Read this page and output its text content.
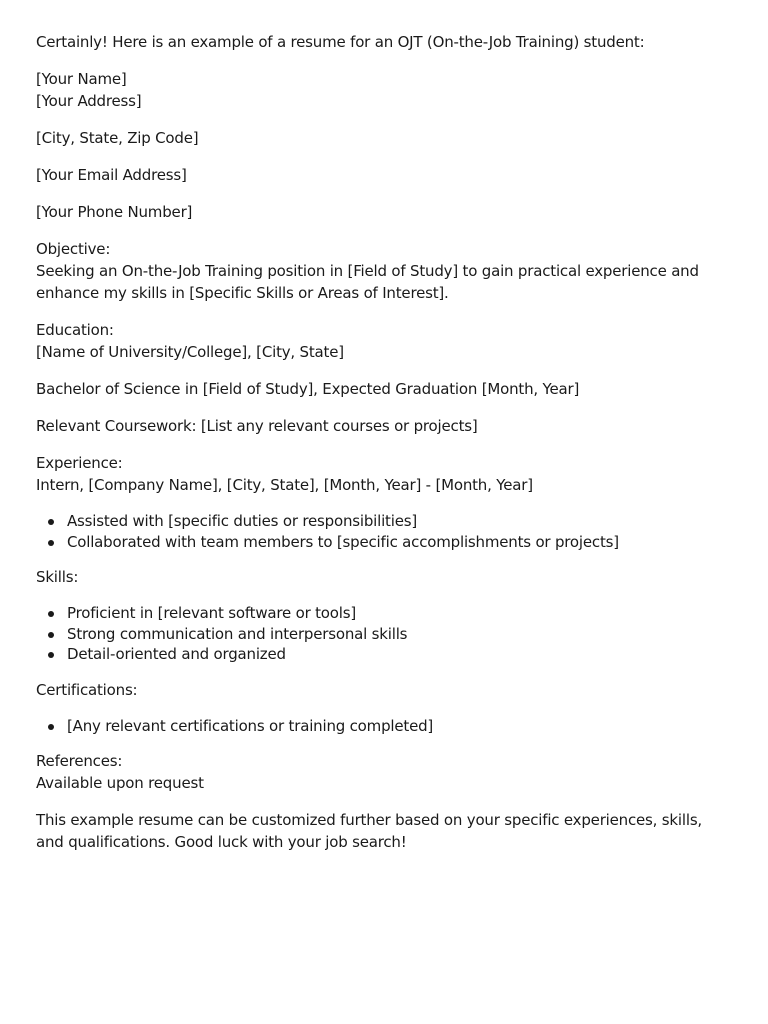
Certainly! Here is an example of a resume for an OJT (On-the-Job Training) student:

[Your Name]
[Your Address]

[City, State, Zip Code]

[Your Email Address]

[Your Phone Number]

Objective:
Seeking an On-the-Job Training position in [Field of Study] to gain practical experience and enhance my skills in [Specific Skills or Areas of Interest].

Education:
[Name of University/College], [City, State]

Bachelor of Science in [Field of Study], Expected Graduation [Month, Year]

Relevant Coursework: [List any relevant courses or projects]

Experience:
Intern, [Company Name], [City, State], [Month, Year] - [Month, Year]

Assisted with [specific duties or responsibilities]
Collaborated with team members to [specific accomplishments or projects]

Skills:

Proficient in [relevant software or tools]
Strong communication and interpersonal skills
Detail-oriented and organized

Certifications:

[Any relevant certifications or training completed]

References:
Available upon request

This example resume can be customized further based on your specific experiences, skills, and qualifications. Good luck with your job search!
